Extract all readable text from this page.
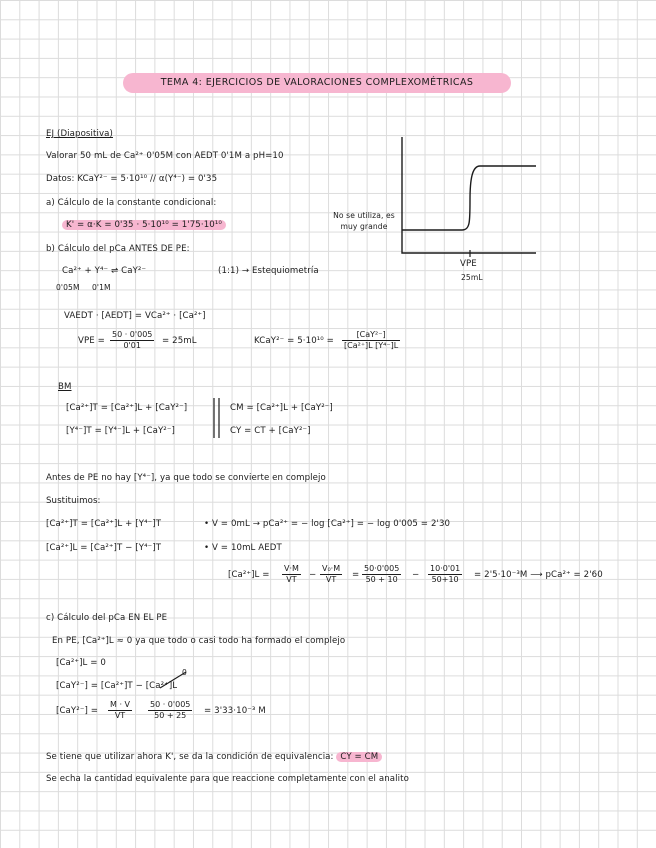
TEMA 4: EJERCICIOS DE VALORACIONES COMPLEXOMÉTRICAS
EJ (Diapositiva)
Valorar 50 mL de Ca²⁺ 0'05M con AEDT 0'1M a pH=10
Datos: KCaY²⁻ = 5·10¹⁰ // α(Y⁴⁻) = 0'35
a) Cálculo de la constante condicional:
K' = α·K = 0'35 · 5·10¹⁰ = 1'75·10¹⁰
b) Cálculo del pCa ANTES DE PE:
Ca²⁺ + Y⁴⁻ ⇌ CaY²⁻	(1:1) → Estequiometría
0'05M 0'1M
No se utiliza, es muy grande
VPE
25mL
VAEDT · [AEDT] = VCa²⁺ · [Ca²⁺]
VPE = $\frac{50 \cdot 0'005}{0'01} = 25mL$	KCaY²⁻ = 5·10¹⁰ =
[CaY²⁻]
[Ca²⁺]L [Y⁴⁻]L
BM
[Ca²⁺]T = [Ca²⁺]L + [CaY²⁻]
[Y⁴⁻]T = [Y⁴⁻]L + [CaY²⁻]
CM = [Ca²⁺]L + [CaY²⁻]
CY = CT + [CaY²⁻]
Antes de PE no hay [Y⁴⁻], ya que todo se convierte en complejo
Sustituimos:
[Ca²⁺]T = [Ca²⁺]L + [Y⁴⁻]T
[Ca²⁺]L = [Ca²⁺]T − [Y⁴⁻]T
• V = 0mL → pCa²⁺ = − log [Ca²⁺] = − log 0'005 = 2'30
• V = 10mL AEDT
$[Ca^{2+}]L = \frac{V\cdot M}{VT} - \frac{\text{V₀·M}}{VT} = \frac{50\cdot 0'005}{50 + 10} - \frac{10\cdot 0'01}{50+10} = 2'5\cdot 10^{-3}M$ ⟶ pCa²⁺ = 2'60
c) Cálculo del pCa EN EL PE
En PE, [Ca²⁺]L ≈ 0 ya que todo o casi todo ha formado el complejo
[Ca²⁺]L = 0
[CaY²⁻] = [Ca²⁺]T − [Ca²⁺]L
0
$[CaY^{2-}] = \frac{M \cdot V}{VT} \frac{50 \cdot 0'005}{50 + 25} = 3'33\cdot 10^{-3}$ M
Se tiene que utilizar ahora K', se da la condición de equivalencia: CY = CM
Se echa la cantidad equivalente para que reaccione completamente con el analito
